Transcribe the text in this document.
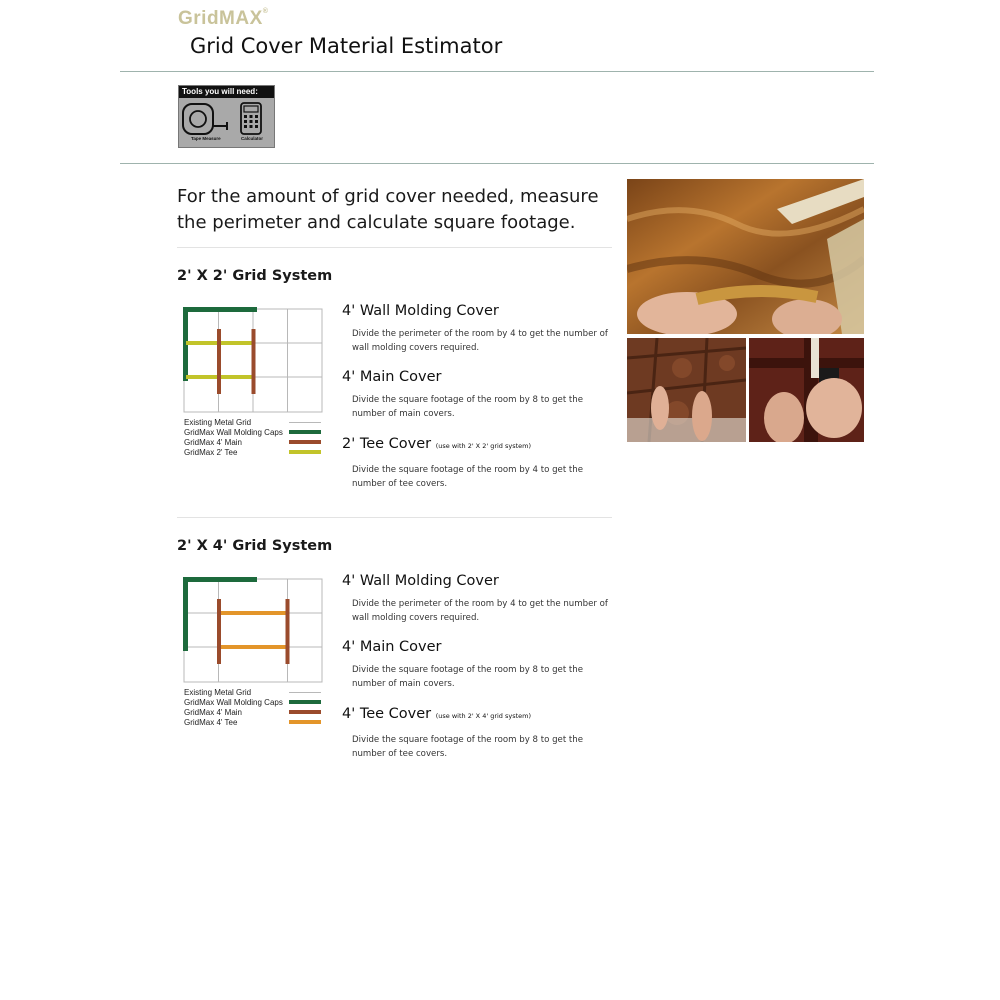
GridMAX®
Grid Cover Material Estimator
Tools you will need:
Tape Measure	Calculator
For the amount of grid cover needed, measure the perimeter and calculate square footage.
2' X 2' Grid System
Existing Metal Grid
GridMax Wall Molding Caps
GridMax 4' Main
GridMax 2' Tee
4' Wall Molding Cover
Divide the perimeter of the room by 4 to get the number of wall molding covers required.
4' Main Cover
Divide the square footage of the room by 8 to get the number of main covers.
2' Tee Cover (use with 2' X 2' grid system)
Divide the square footage of the room by 4 to get the number of tee covers.
2' X 4' Grid System
Existing Metal Grid
GridMax Wall Molding Caps
GridMax 4' Main
GridMax 4' Tee
4' Wall Molding Cover
Divide the perimeter of the room by 4 to get the number of wall molding covers required.
4' Main Cover
Divide the square footage of the room by 8 to get the number of main covers.
4' Tee Cover (use with 2' X 4' grid system)
Divide the square footage of the room by 8 to get the number of tee covers.
